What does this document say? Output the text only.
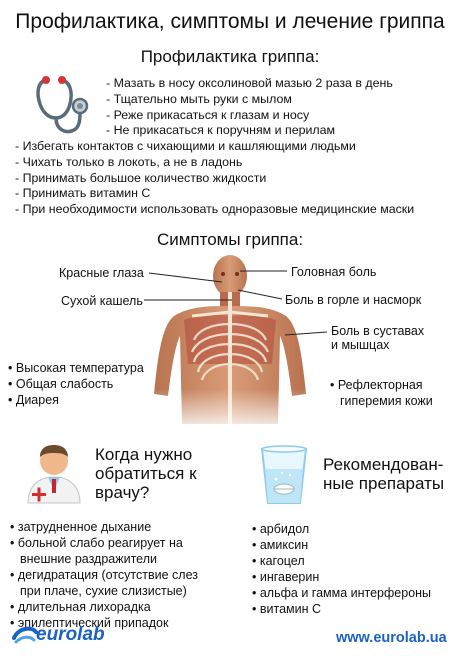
Профилактика, симптомы и лечение гриппа
Профилактика гриппа:
- Мазать в носу оксолиновой мазью 2 раза в день
- Тщательно мыть руки с мылом
- Реже прикасаться к глазам и носу
- Не прикасаться к поручням и перилам
- Избегать контактов с чихающими и кашляющими людьми
- Чихать только в локоть, а не в ладонь
- Принимать большое количество жидкости
- Принимать витамин С
- При необходимости использовать одноразовые медицинские маски
Симптомы гриппа:
Красные глаза
Сухой кашель
Головная боль
Боль в горле и насморк
Боль в суставах
и мышцах
• Высокая температура
• Общая слабость
• Диарея
• Рефлекторная
гиперемия кожи
Когда нужно
обратиться к
врачу?
• затрудненное дыхание
• больной слабо реагирует на
внешние раздражители
• дегидратация (отсутствие слез
при плаче, сухие слизистые)
• длительная лихорадка
• эпилептический припадок
Рекомендован-
ные препараты
• арбидол
• амиксин
• кагоцел
• ингаверин
• альфа и гамма интерфероны
• витамин С
eurolab	www.eurolab.ua
